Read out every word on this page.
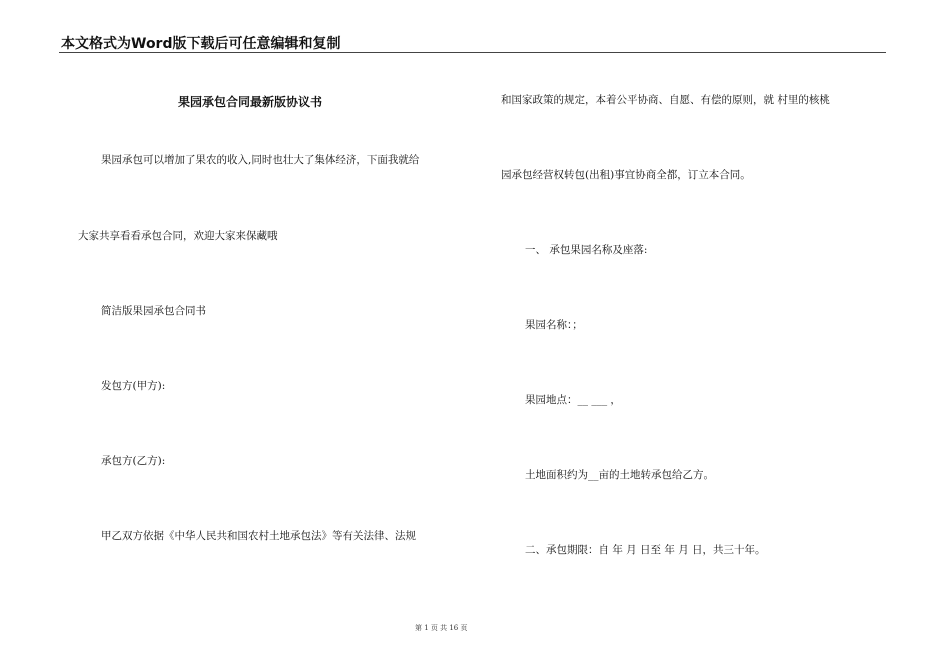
本文格式为Word版下载后可任意编辑和复制
果园承包合同最新版协议书
果园承包可以增加了果农的收入,同时也壮大了集体经济，下面我就给
大家共享看看承包合同，欢迎大家来保藏哦
简洁版果园承包合同书
发包方(甲方):
承包方(乙方):
甲乙双方依据《中华人民共和国农村土地承包法》等有关法律、法规
和国家政策的规定，本着公平协商、自愿、有偿的原则，就 村里的核桃
园承包经营权转包(出租)事宜协商全都，订立本合同。
一、 承包果园名称及座落:
果园名称：；
果园地点：__ ___ ，
土地面积约为__亩的土地转承包给乙方。
二、承包期限：自 年 月 日至 年 月 日，共三十年。
第 1 页 共 16 页
